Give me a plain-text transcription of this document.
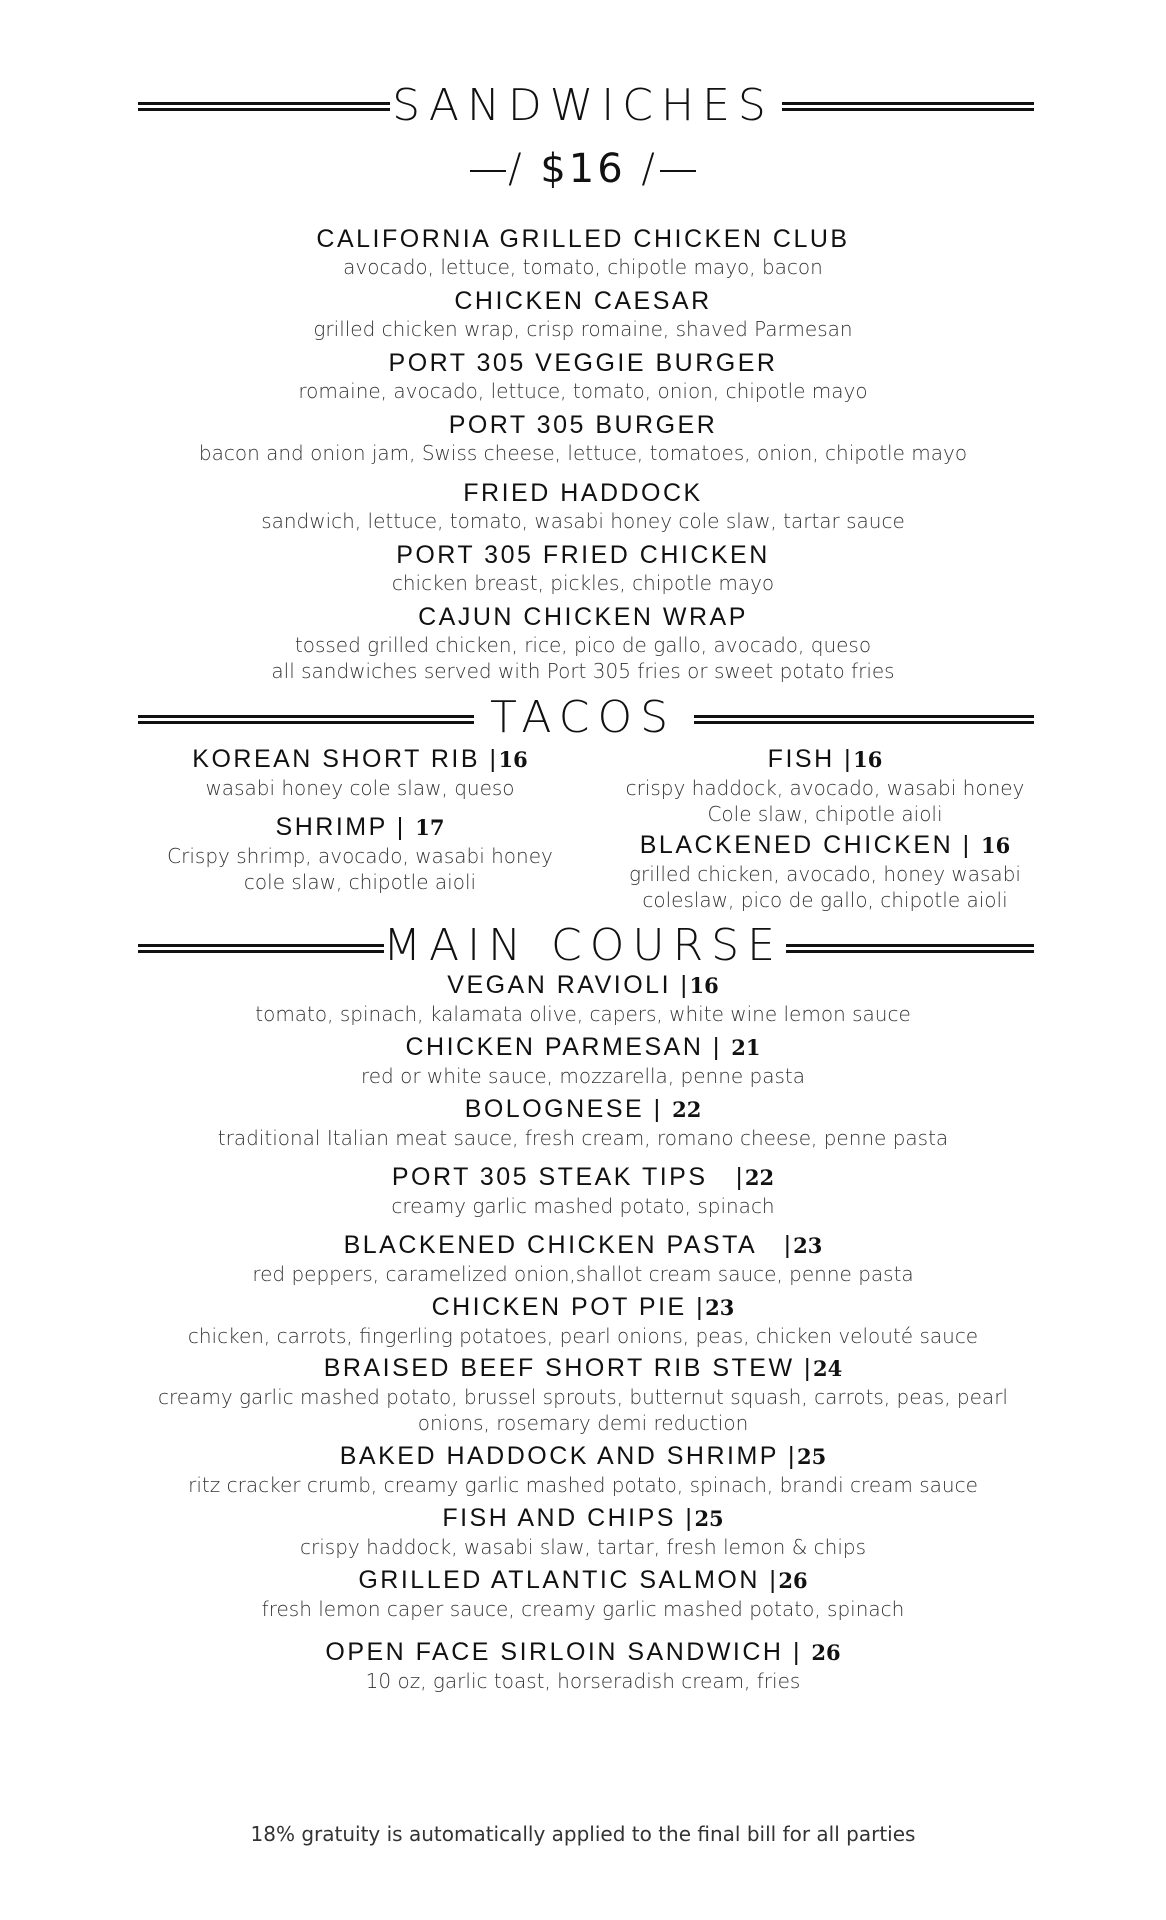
SANDWICHES
/ $16 /
CALIFORNIA GRILLED CHICKEN CLUB
avocado, lettuce, tomato, chipotle mayo, bacon
CHICKEN CAESAR
grilled chicken wrap, crisp romaine, shaved Parmesan
PORT 305 VEGGIE BURGER
romaine, avocado, lettuce, tomato, onion, chipotle mayo
PORT 305 BURGER
bacon and onion jam, Swiss cheese, lettuce, tomatoes, onion, chipotle mayo
FRIED HADDOCK
sandwich, lettuce, tomato, wasabi honey cole slaw, tartar sauce
PORT 305 FRIED CHICKEN
chicken breast, pickles, chipotle mayo
CAJUN CHICKEN WRAP
tossed grilled chicken, rice, pico de gallo, avocado, queso
all sandwiches served with Port 305 fries or sweet potato fries
TACOS
KOREAN SHORT RIB |16
wasabi honey cole slaw, queso
SHRIMP | 17
Crispy shrimp, avocado, wasabi honey
cole slaw, chipotle aioli
FISH |16
crispy haddock, avocado, wasabi honey
Cole slaw, chipotle aioli
BLACKENED CHICKEN | 16
grilled chicken, avocado, honey wasabi
coleslaw, pico de gallo, chipotle aioli
MAIN COURSE
VEGAN RAVIOLI |16
tomato, spinach, kalamata olive, capers, white wine lemon sauce
CHICKEN PARMESAN | 21
red or white sauce, mozzarella, penne pasta
BOLOGNESE | 22
traditional Italian meat sauce, fresh cream, romano cheese, penne pasta
PORT 305 STEAK TIPS   |22
creamy garlic mashed potato, spinach
BLACKENED CHICKEN PASTA   |23
red peppers, caramelized onion,shallot cream sauce, penne pasta
CHICKEN POT PIE |23
chicken, carrots, fingerling potatoes, pearl onions, peas, chicken velouté sauce
BRAISED BEEF SHORT RIB STEW |24
creamy garlic mashed potato, brussel sprouts, butternut squash, carrots, peas, pearl
onions, rosemary demi reduction
BAKED HADDOCK AND SHRIMP |25
ritz cracker crumb, creamy garlic mashed potato, spinach, brandi cream sauce
FISH AND CHIPS |25
crispy haddock, wasabi slaw, tartar, fresh lemon & chips
GRILLED ATLANTIC SALMON |26
fresh lemon caper sauce, creamy garlic mashed potato, spinach
OPEN FACE SIRLOIN SANDWICH | 26
10 oz, garlic toast, horseradish cream, fries
18% gratuity is automatically applied to the final bill for all parties
